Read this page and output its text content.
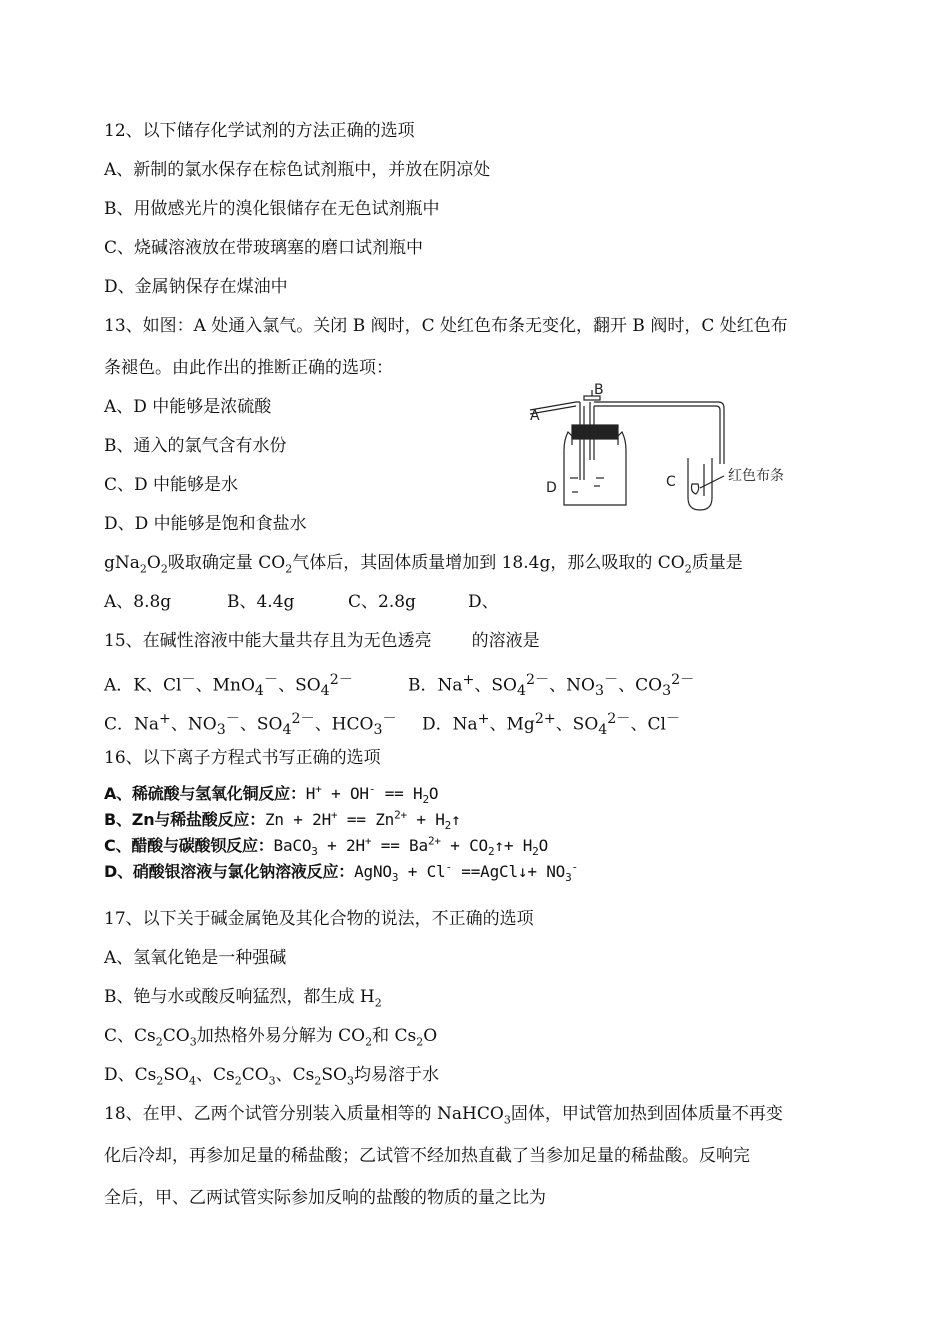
12、以下储存化学试剂的方法正确的选项
A、新制的氯水保存在棕色试剂瓶中，并放在阴凉处
B、用做感光片的溴化银储存在无色试剂瓶中
C、烧碱溶液放在带玻璃塞的磨口试剂瓶中
D、金属钠保存在煤油中
13、如图：A 处通入氯气。关闭 B 阀时，C 处红色布条无变化，翻开 B 阀时，C 处红色布
条褪色。由此作出的推断正确的选项：
A、D 中能够是浓硫酸
B、通入的氯气含有水份
C、D 中能够是水
D、D 中能够是饱和食盐水
A
B
C
D
红色布条
$gNa_2O_2$吸取确定量 $CO_2$气体后，其固体质量增加到 18.4g，那么吸取的 $CO_2$质量是
A、8.8g	B、4.4g	C、2.8g	D、
15、在碱性溶液中能大量共存且为无色透亮 的溶液是
A．K、Cl－、MnO$_4$－、$SO_4^{2-}$	B．Na+、$SO_4^{2-}$、$NO_3^-$、$CO_3^{2-}$
C．Na+、$NO_3^-$、$SO_4^{2-}$、$HCO_3^-$ D．Na+、$Mg^{2+}$、$SO_4^{2-}$、Cl－
16、以下离子方程式书写正确的选项
A、稀硫酸与氢氧化铜反应：$H^+ + OH^- == H_2O$
B、Zn与稀盐酸反应：$Zn + 2H^+ == Zn^{2+}$ + $H_2↑$
C、醋酸与碳酸钡反应：BaCO$_3$ + $2H^+ == Ba^{2+}$ + $CO_2↑+ H_2O$
D、硝酸银溶液与氯化钠溶液反应：AgNO$_3$ + Cl- ==AgCl↓+ $NO_3^-$
17、以下关于碱金属铯及其化合物的说法，不正确的选项
A、氢氧化铯是一种强碱
B、铯与水或酸反响猛烈，都生成 $H_2$
C、$Cs_2CO_3$加热格外易分解为 $CO_2$和 $Cs_2O$
D、$Cs_2SO_4$、$Cs_2CO_3$、$Cs_2SO_3$均易溶于水
18、在甲、乙两个试管分别装入质量相等的 NaHCO$_3$固体，甲试管加热到固体质量不再变
化后冷却，再参加足量的稀盐酸；乙试管不经加热直截了当参加足量的稀盐酸。反响完
全后，甲、乙两试管实际参加反响的盐酸的物质的量之比为
